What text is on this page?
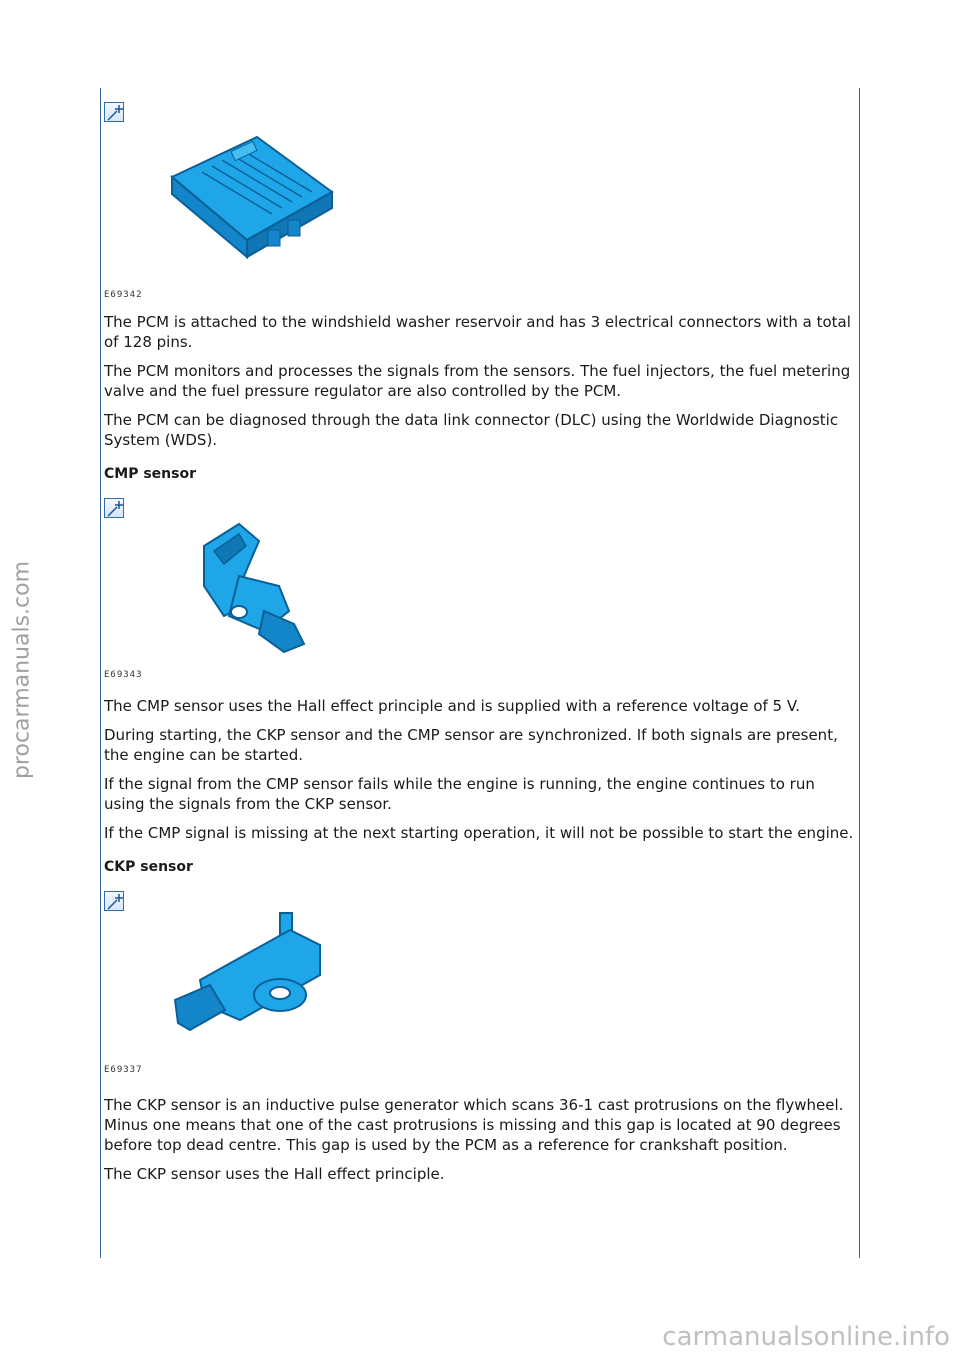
procarmanuals.com
E69342

The PCM is attached to the windshield washer reservoir and has 3 electrical connectors with a total of 128 pins.

The PCM monitors and processes the signals from the sensors. The fuel injectors, the fuel metering valve and the fuel pressure regulator are also controlled by the PCM.

The PCM can be diagnosed through the data link connector (DLC) using the Worldwide Diagnostic System (WDS).

CMP sensor
E69343

The CMP sensor uses the Hall effect principle and is supplied with a reference voltage of 5 V.

During starting, the CKP sensor and the CMP sensor are synchronized. If both signals are present, the engine can be started.

If the signal from the CMP sensor fails while the engine is running, the engine continues to run using the signals from the CKP sensor.

If the CMP signal is missing at the next starting operation, it will not be possible to start the engine.

CKP sensor
E69337

The CKP sensor is an inductive pulse generator which scans 36-1 cast protrusions on the flywheel. Minus one means that one of the cast protrusions is missing and this gap is located at 90 degrees before top dead centre. This gap is used by the PCM as a reference for crankshaft position.

The CKP sensor uses the Hall effect principle.

carmanualsonline.info
